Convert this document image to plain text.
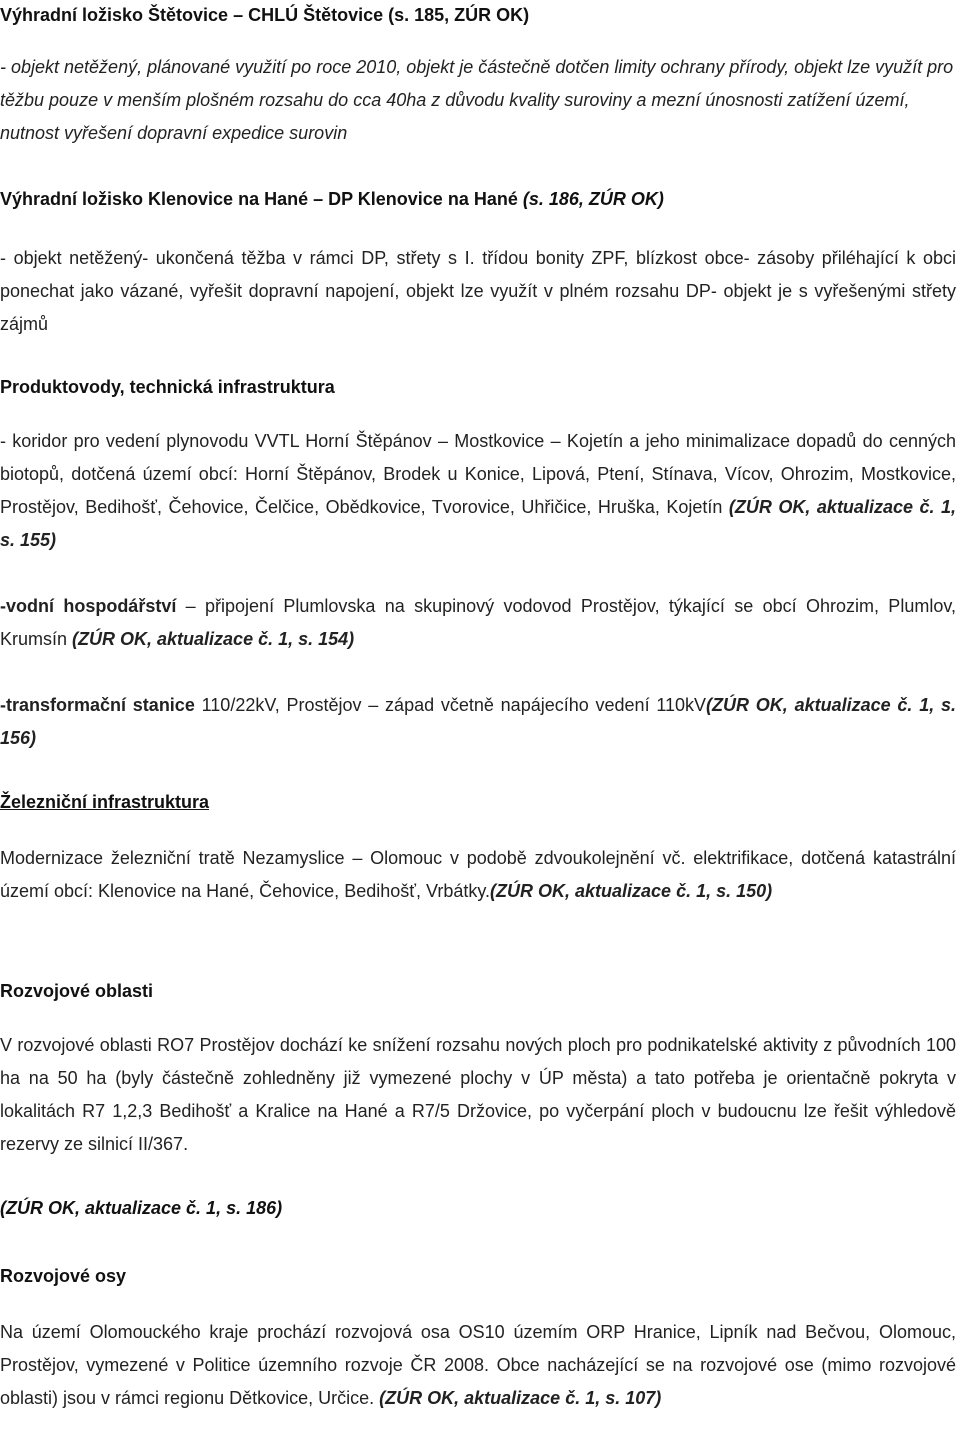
Výhradní ložisko Štětovice – CHLÚ Štětovice (s. 185, ZÚR OK)
- objekt netěžený, plánované využití po roce 2010, objekt je částečně dotčen limity ochrany přírody, objekt lze využít pro těžbu pouze v menším plošném rozsahu do cca 40ha z důvodu kvality suroviny a mezní únosnosti zatížení území, nutnost vyřešení dopravní expedice surovin
Výhradní ložisko Klenovice na Hané – DP Klenovice na Hané (s. 186, ZÚR OK)
- objekt netěžený- ukončená těžba v rámci DP, střety s I. třídou bonity ZPF, blízkost obce- zásoby přiléhající k obci ponechat jako vázané, vyřešit dopravní napojení, objekt lze využít v plném rozsahu DP- objekt je s vyřešenými střety zájmů
Produktovody, technická infrastruktura
- koridor pro vedení plynovodu VVTL Horní Štěpánov – Mostkovice – Kojetín a jeho minimalizace dopadů do cenných biotopů, dotčená území obcí: Horní Štěpánov, Brodek u Konice, Lipová, Ptení, Stínava, Vícov, Ohrozim, Mostkovice, Prostějov, Bedihošť, Čehovice, Čelčice, Obědkovice, Tvorovice, Uhřičice, Hruška, Kojetín (ZÚR OK, aktualizace č. 1, s. 155)
-vodní hospodářství – připojení Plumlovska na skupinový vodovod Prostějov, týkající se obcí Ohrozim, Plumlov, Krumsín (ZÚR OK, aktualizace č. 1, s. 154)
-transformační stanice 110/22kV, Prostějov – západ včetně napájecího vedení 110kV(ZÚR OK, aktualizace č. 1, s. 156)
Železniční infrastruktura
Modernizace železniční tratě Nezamyslice – Olomouc v podobě zdvoukolejnění vč. elektrifikace, dotčená katastrální území obcí: Klenovice na Hané, Čehovice, Bedihošť, Vrbátky.(ZÚR OK, aktualizace č. 1, s. 150)
Rozvojové oblasti
V rozvojové oblasti RO7 Prostějov dochází ke snížení rozsahu nových ploch pro podnikatelské aktivity z původních 100 ha na 50 ha (byly částečně zohledněny již vymezené plochy v ÚP města) a tato potřeba je orientačně pokryta v lokalitách R7 1,2,3 Bedihošť a Kralice na Hané a R7/5 Držovice, po vyčerpání ploch v budoucnu lze řešit výhledově rezervy ze silnicí II/367.
(ZÚR OK, aktualizace č. 1, s. 186)
Rozvojové osy
Na území Olomouckého kraje prochází rozvojová osa OS10 územím ORP Hranice, Lipník nad Bečvou, Olomouc, Prostějov, vymezené v Politice územního rozvoje ČR 2008. Obce nacházející se na rozvojové ose (mimo rozvojové oblasti) jsou v rámci regionu Dětkovice, Určice. (ZÚR OK, aktualizace č. 1, s. 107)
